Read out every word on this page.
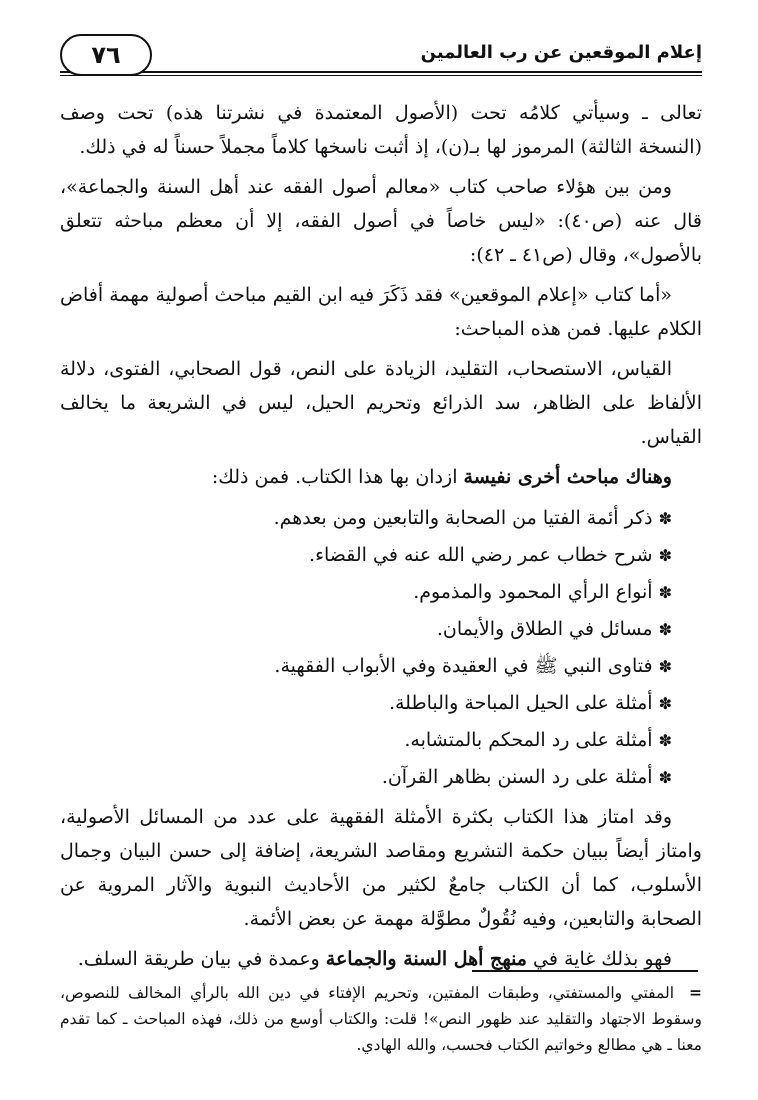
إعلام الموقعين عن رب العالمين
٧٦

تعالى ـ وسيأتي كلامُه تحت (الأصول المعتمدة في نشرتنا هذه) تحت وصف (النسخة الثالثة) المرموز لها بـ(ن)، إذ أثبت ناسخها كلاماً مجملاً حسناً له في ذلك.

ومن بين هؤلاء صاحب كتاب «معالم أصول الفقه عند أهل السنة والجماعة»، قال عنه (ص٤٠): «ليس خاصاً في أصول الفقه، إلا أن معظم مباحثه تتعلق بالأصول»، وقال (ص٤١ ـ ٤٢):

«أما كتاب «إعلام الموقعين» فقد ذَكَرَ فيه ابن القيم مباحث أصولية مهمة أفاض الكلام عليها. فمن هذه المباحث:

القياس، الاستصحاب، التقليد، الزيادة على النص، قول الصحابي، الفتوى، دلالة الألفاظ على الظاهر، سد الذرائع وتحريم الحيل، ليس في الشريعة ما يخالف القياس.

وهناك مباحث أخرى نفيسة ازدان بها هذا الكتاب. فمن ذلك:

✽ذكر أئمة الفتيا من الصحابة والتابعين ومن بعدهم.
✽شرح خطاب عمر رضي الله عنه في القضاء.
✽أنواع الرأي المحمود والمذموم.
✽مسائل في الطلاق والأيمان.
✽فتاوى النبي ﷺ في العقيدة وفي الأبواب الفقهية.
✽أمثلة على الحيل المباحة والباطلة.
✽أمثلة على رد المحكم بالمتشابه.
✽أمثلة على رد السنن بظاهر القرآن.

وقد امتاز هذا الكتاب بكثرة الأمثلة الفقهية على عدد من المسائل الأصولية، وامتاز أيضاً ببيان حكمة التشريع ومقاصد الشريعة، إضافة إلى حسن البيان وجمال الأسلوب، كما أن الكتاب جامعٌ لكثير من الأحاديث النبوية والآثار المروية عن الصحابة والتابعين، وفيه نُقُولٌ مطوَّلة مهمة عن بعض الأئمة.

فهو بذلك غاية في منهج أهل السنة والجماعة وعمدة في بيان طريقة السلف.

=المفتي والمستفتي، وطبقات المفتين، وتحريم الإفتاء في دين الله بالرأي المخالف للنصوص، وسقوط الاجتهاد والتقليد عند ظهور النص»! قلت: والكتاب أوسع من ذلك، فهذه المباحث ـ كما تقدم معنا ـ هي مطالع وخواتيم الكتاب فحسب، والله الهادي.
